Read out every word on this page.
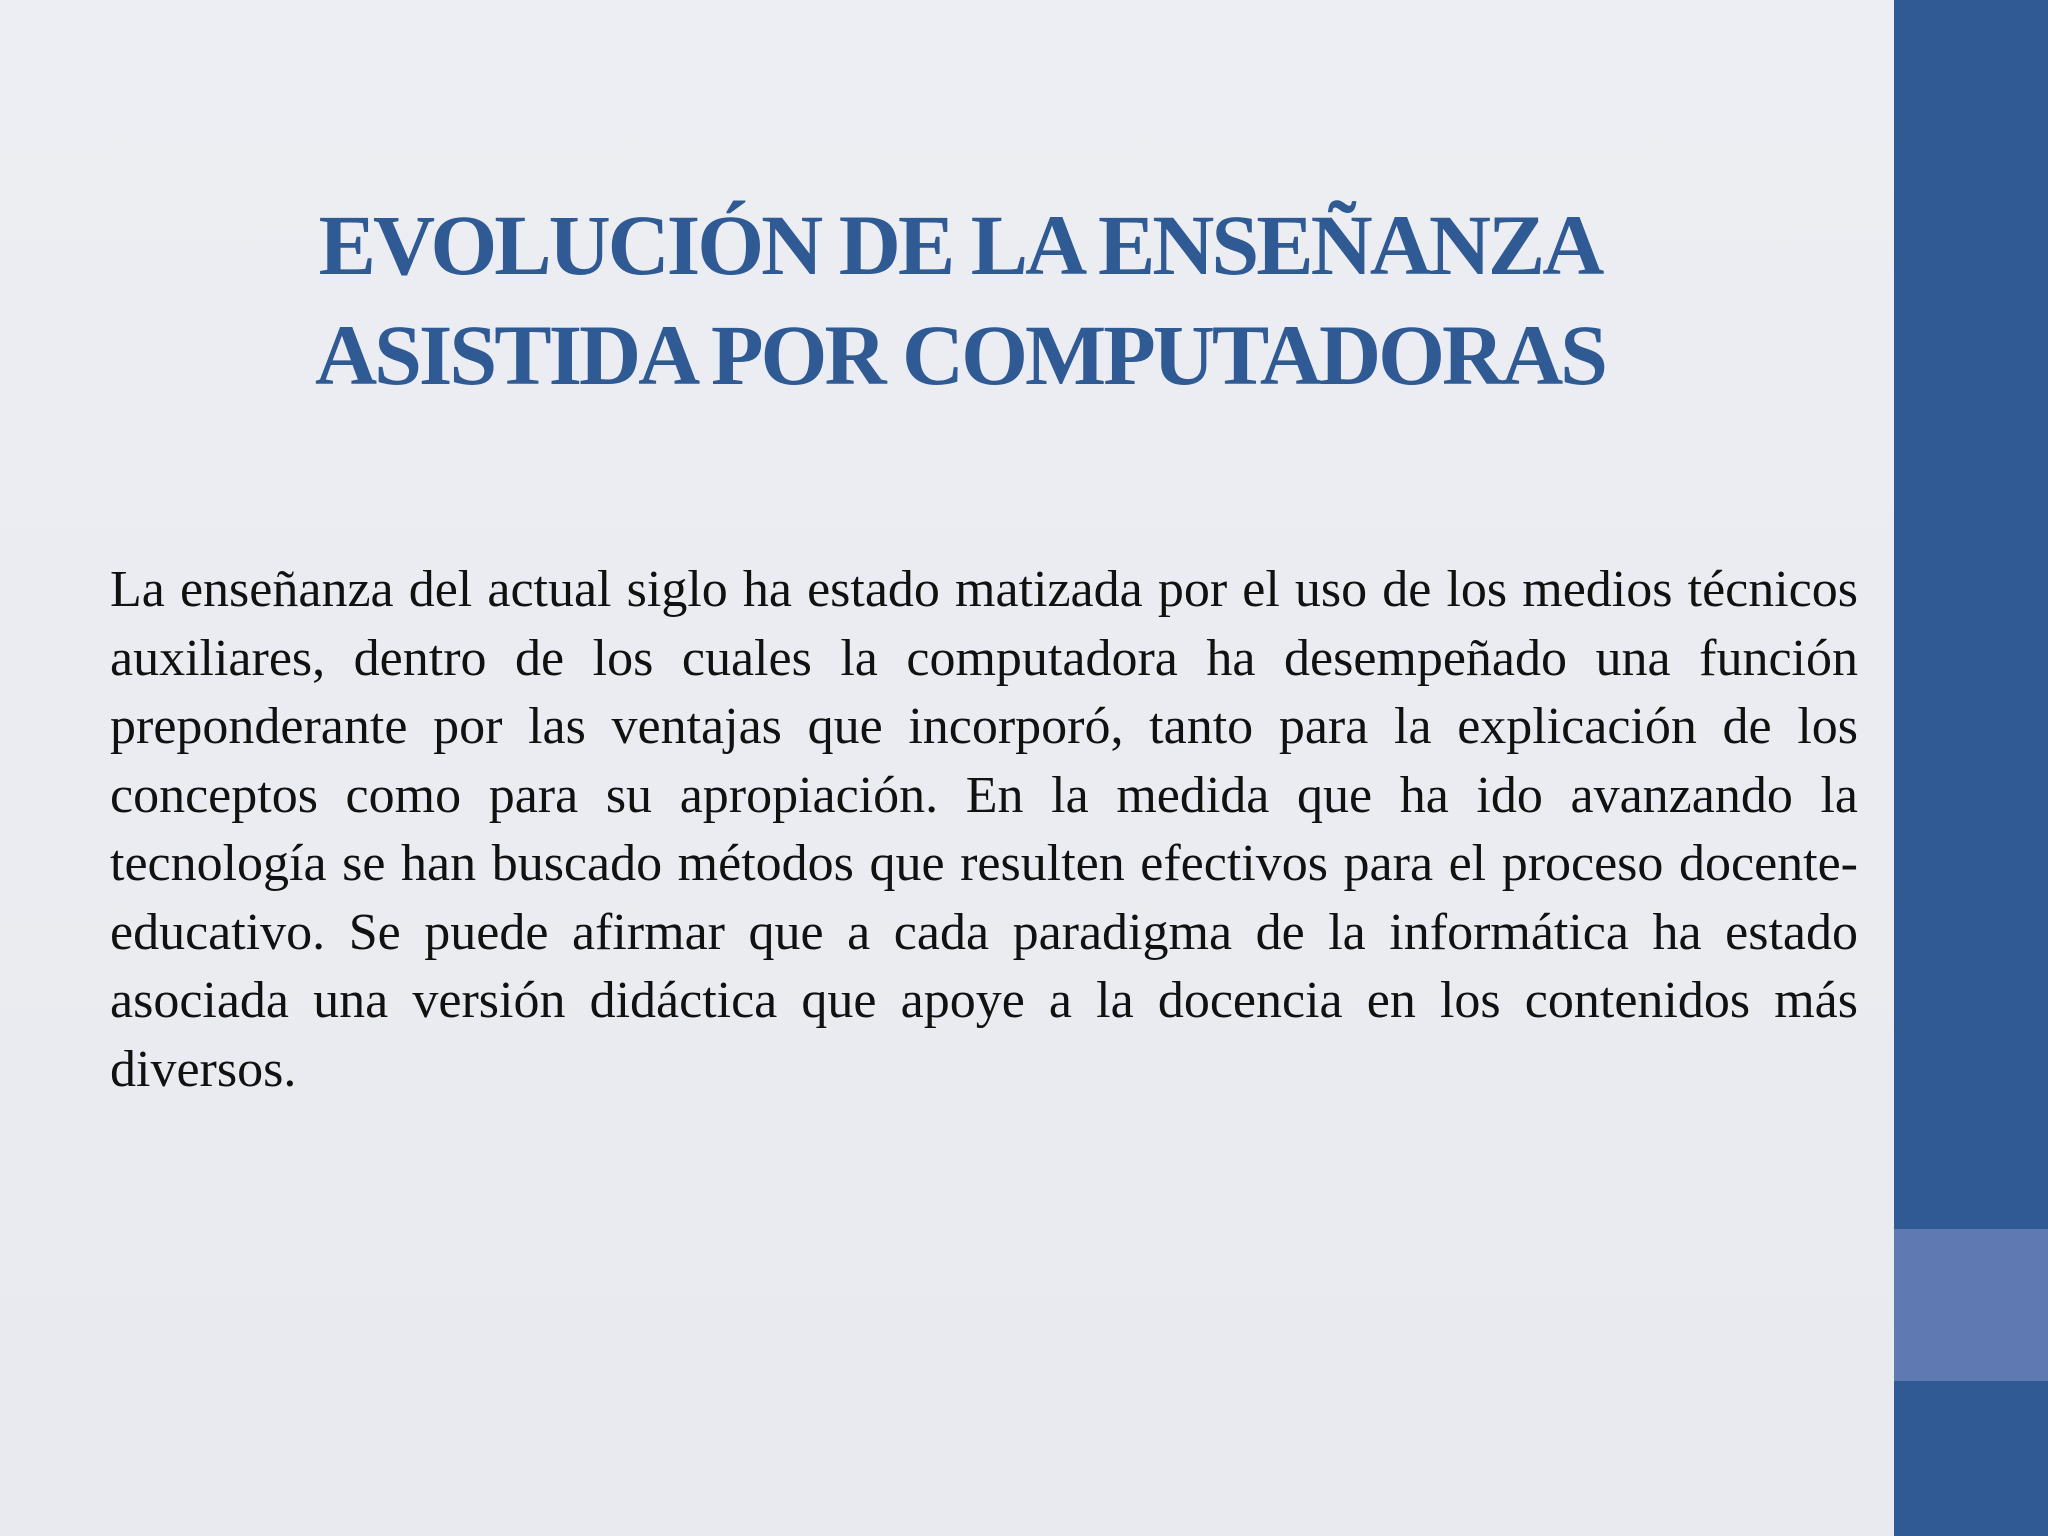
EVOLUCIÓN DE LA ENSEÑANZA
ASISTIDA POR COMPUTADORAS

La enseñanza del actual siglo ha estado matizada por el uso de los medios técnicos auxiliares, dentro de los cuales la computadora ha desempeñado una función preponderante por las ventajas que incorporó, tanto para la explicación de los conceptos como para su apropiación. En la medida que ha ido avanzando la tecnología se han buscado métodos que resulten efectivos para el proceso docente-educativo. Se puede afirmar que a cada paradigma de la informática ha estado asociada una versión didáctica que apoye a la docencia en los contenidos más diversos.
